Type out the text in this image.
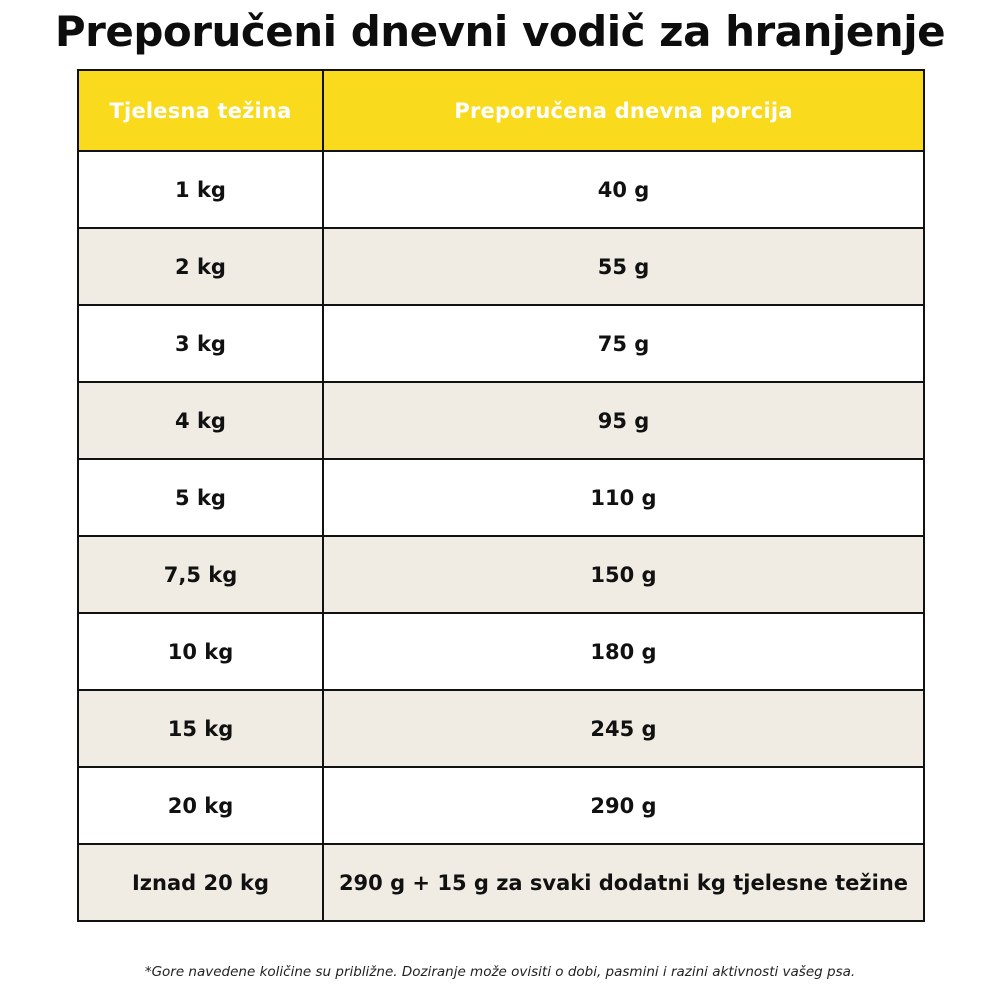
Preporučeni dnevni vodič za hranjenje
Tjelesna težina	Preporučena dnevna porcija
1 kg	40 g
2 kg	55 g
3 kg	75 g
4 kg	95 g
5 kg	110 g
7,5 kg	150 g
10 kg	180 g
15 kg	245 g
20 kg	290 g
Iznad 20 kg	290 g + 15 g za svaki dodatni kg tjelesne težine
*Gore navedene količine su približne. Doziranje može ovisiti o dobi, pasmini i razini aktivnosti vašeg psa.
